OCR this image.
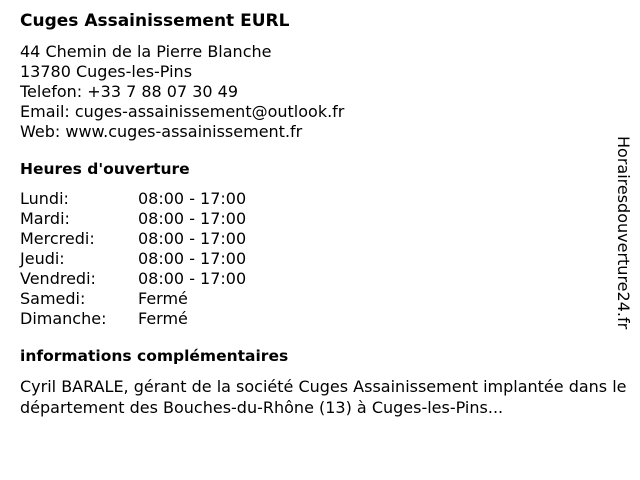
Cuges Assainissement EURL
44 Chemin de la Pierre Blanche
13780 Cuges-les-Pins
Telefon: +33 7 88 07 30 49
Email: cuges-assainissement@outlook.fr
Web: www.cuges-assainissement.fr
Heures d'ouverture
Lundi:	08:00 - 17:00
Mardi:	08:00 - 17:00
Mercredi:	08:00 - 17:00
Jeudi:	08:00 - 17:00
Vendredi:	08:00 - 17:00
Samedi:	Fermé
Dimanche:	Fermé
informations complémentaires
Cyril BARALE, gérant de la société Cuges Assainissement implantée dans le département des Bouches-du-Rhône (13) à Cuges-les-Pins...
Horairesdouverture24.fr
